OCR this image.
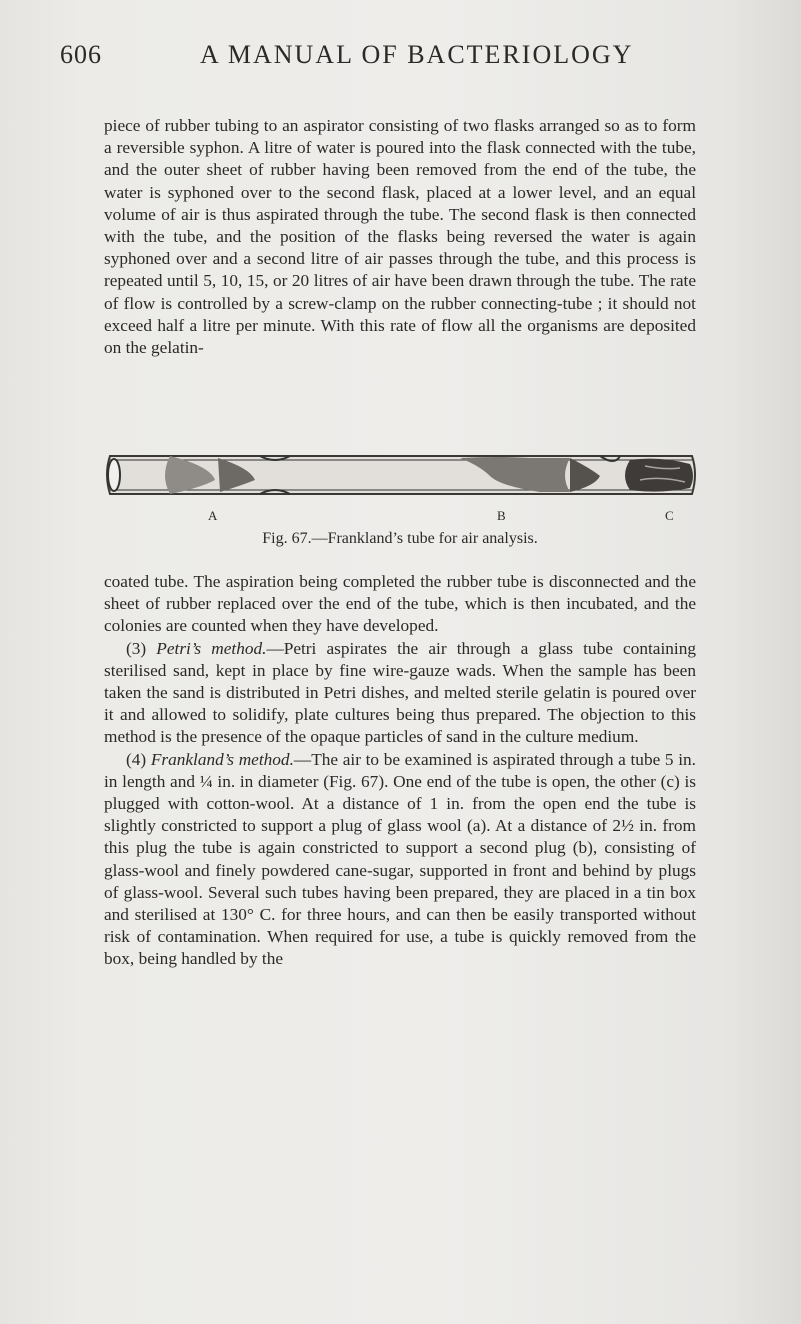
606	A MANUAL OF BACTERIOLOGY

piece of rubber tubing to an aspirator consisting of two flasks arranged so as to form a reversible syphon. A litre of water is poured into the flask connected with the tube, and the outer sheet of rubber having been removed from the end of the tube, the water is syphoned over to the second flask, placed at a lower level, and an equal volume of air is thus aspirated through the tube. The second flask is then connected with the tube, and the position of the flasks being reversed the water is again syphoned over and a second litre of air passes through the tube, and this process is repeated until 5, 10, 15, or 20 litres of air have been drawn through the tube. The rate of flow is controlled by a screw-clamp on the rubber connecting-tube ; it should not exceed half a litre per minute. With this rate of flow all the organisms are deposited on the gelatin-

A	B	C
Fig. 67.—Frankland’s tube for air analysis.

coated tube. The aspiration being completed the rubber tube is disconnected and the sheet of rubber replaced over the end of the tube, which is then incubated, and the colonies are counted when they have developed.

(3) Petri’s method.—Petri aspirates the air through a glass tube containing sterilised sand, kept in place by fine wire-gauze wads. When the sample has been taken the sand is distributed in Petri dishes, and melted sterile gelatin is poured over it and allowed to solidify, plate cultures being thus prepared. The objection to this method is the presence of the opaque particles of sand in the culture medium.

(4) Frankland’s method.—The air to be examined is aspirated through a tube 5 in. in length and ¼ in. in diameter (Fig. 67). One end of the tube is open, the other (c) is plugged with cotton-wool. At a distance of 1 in. from the open end the tube is slightly constricted to support a plug of glass wool (a). At a distance of 2½ in. from this plug the tube is again constricted to support a second plug (b), consisting of glass-wool and finely powdered cane-sugar, supported in front and behind by plugs of glass-wool. Several such tubes having been prepared, they are placed in a tin box and sterilised at 130° C. for three hours, and can then be easily transported without risk of contamination. When required for use, a tube is quickly removed from the box, being handled by the
